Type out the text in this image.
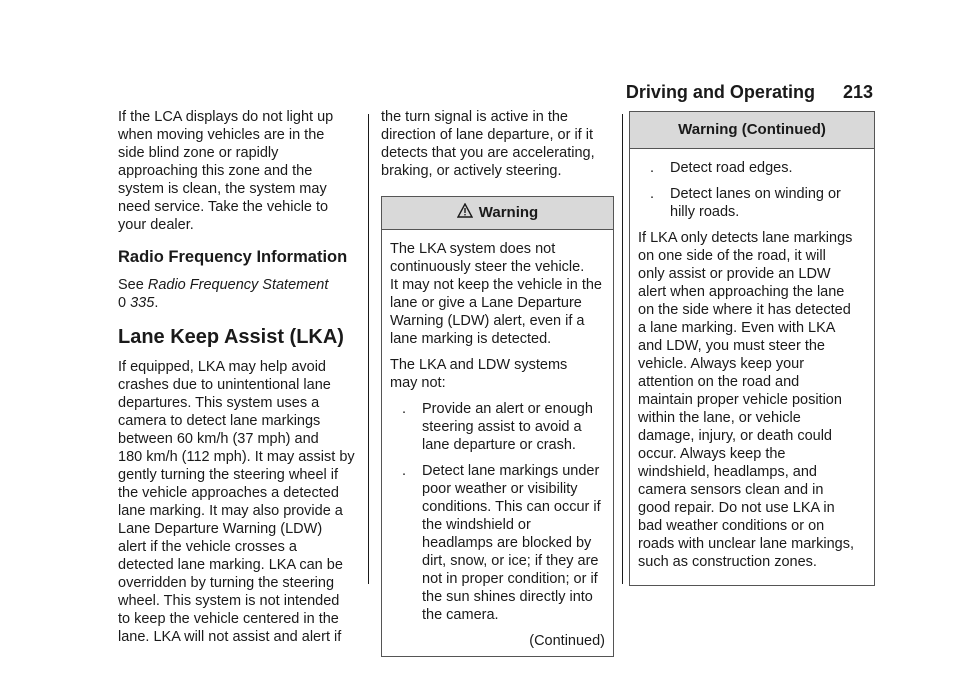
Driving and Operating 213

If the LCA displays do not light up
when moving vehicles are in the
side blind zone or rapidly
approaching this zone and the
system is clean, the system may
need service. Take the vehicle to
your dealer.

Radio Frequency Information
See Radio Frequency Statement
0 335.
Lane Keep Assist (LKA)

If equipped, LKA may help avoid
crashes due to unintentional lane
departures. This system uses a
camera to detect lane markings
between 60 km/h (37 mph) and
180 km/h (112 mph). It may assist by
gently turning the steering wheel if
the vehicle approaches a detected
lane marking. It may also provide a
Lane Departure Warning (LDW)
alert if the vehicle crosses a
detected lane marking. LKA can be
overridden by turning the steering
wheel. This system is not intended
to keep the vehicle centered in the
lane. LKA will not assist and alert if

the turn signal is active in the
direction of lane departure, or if it
detects that you are accelerating,
braking, or actively steering.

Warning

The LKA system does not
continuously steer the vehicle.
It may not keep the vehicle in the
lane or give a Lane Departure
Warning (LDW) alert, even if a
lane marking is detected.

The LKA and LDW systems
may not:

.	Provide an alert or enough
steering assist to avoid a
lane departure or crash.
.	Detect lane markings under
poor weather or visibility
conditions. This can occur if
the windshield or
headlamps are blocked by
dirt, snow, or ice; if they are
not in proper condition; or if
the sun shines directly into
the camera.
(Continued)
Warning (Continued)
.	Detect road edges.
.	Detect lanes on winding or
hilly roads.

If LKA only detects lane markings
on one side of the road, it will
only assist or provide an LDW
alert when approaching the lane
on the side where it has detected
a lane marking. Even with LKA
and LDW, you must steer the
vehicle. Always keep your
attention on the road and
maintain proper vehicle position
within the lane, or vehicle
damage, injury, or death could
occur. Always keep the
windshield, headlamps, and
camera sensors clean and in
good repair. Do not use LKA in
bad weather conditions or on
roads with unclear lane markings,
such as construction zones.
